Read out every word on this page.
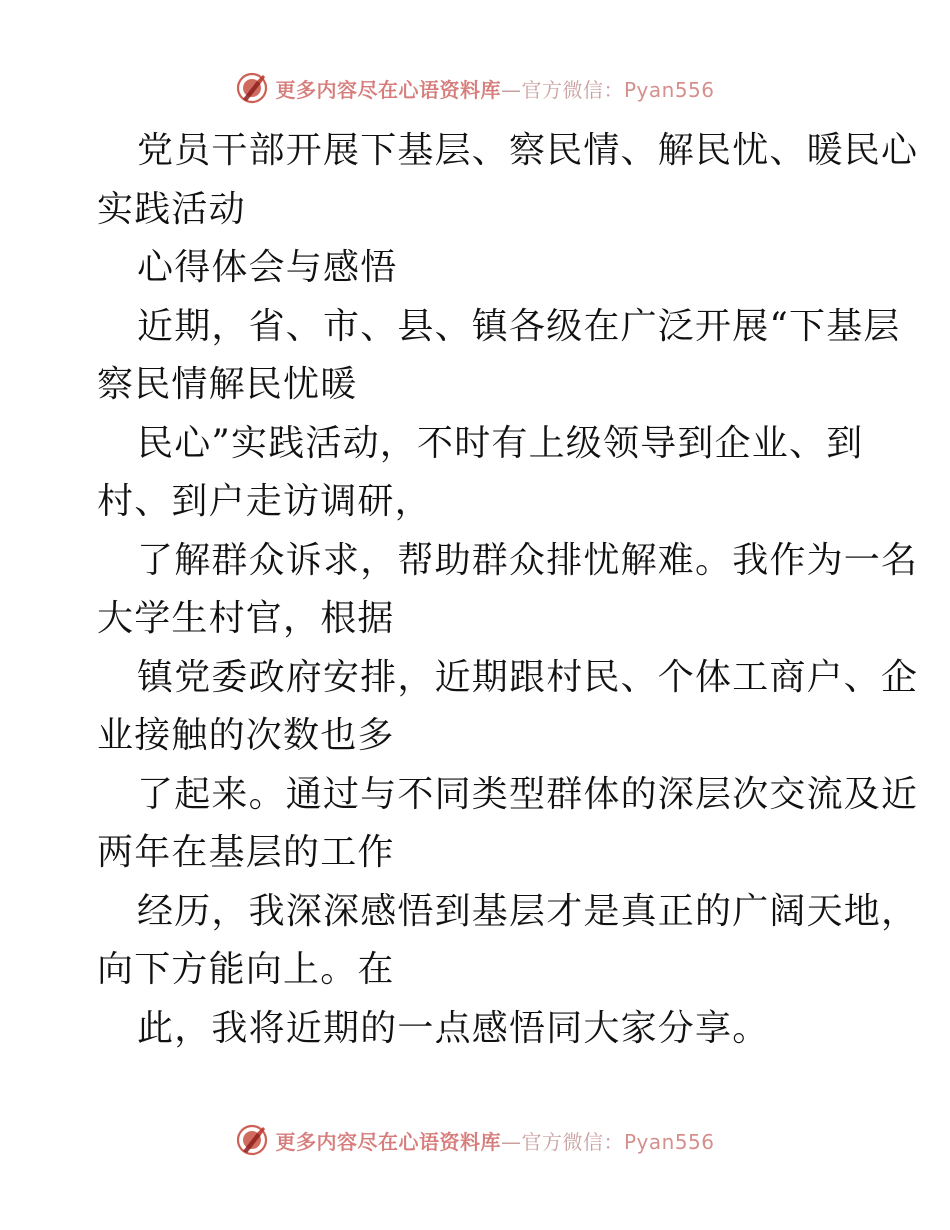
更多内容尽在心语资料库—官方微信：Pyan556

党员干部开展下基层、察民情、解民忧、暖民心

实践活动

心得体会与感悟

近期，省、市、县、镇各级在广泛开展“下基层

察民情解民忧暖

民心”实践活动，不时有上级领导到企业、到

村、到户走访调研，

了解群众诉求，帮助群众排忧解难。我作为一名

大学生村官，根据

镇党委政府安排，近期跟村民、个体工商户、企

业接触的次数也多

了起来。通过与不同类型群体的深层次交流及近

两年在基层的工作

经历，我深深感悟到基层才是真正的广阔天地，

向下方能向上。在

此，我将近期的一点感悟同大家分享。

更多内容尽在心语资料库—官方微信：Pyan556
